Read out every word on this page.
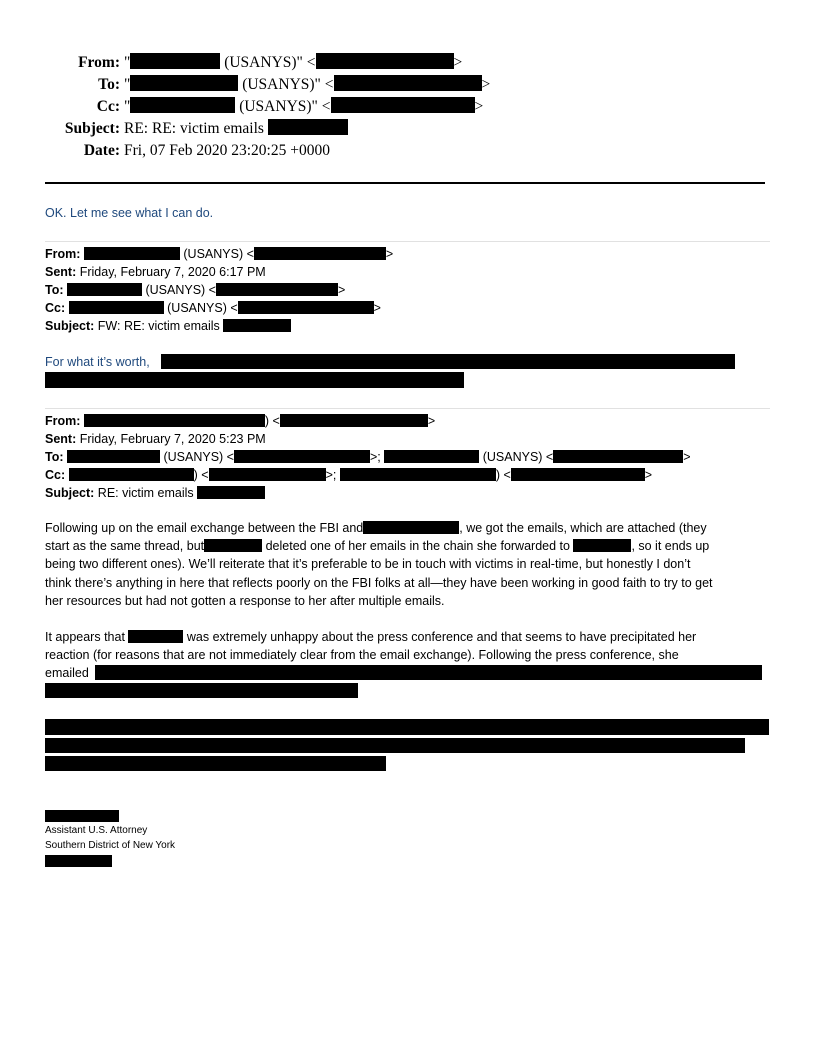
From: "	(USANYS)" <	>
To: "	(USANYS)" <	>
Cc: "	(USANYS)" <	>
Subject: RE: RE: victim emails
Date: Fri, 07 Feb 2020 23:20:25 +0000
OK. Let me see what I can do.
From:	(USANYS) <	>
Sent: Friday, February 7, 2020 6:17 PM
To:	(USANYS) <	>
Cc:	(USANYS) <	>
Subject: FW: RE: victim emails
For what it’s worth,
From:	) <	>
Sent: Friday, February 7, 2020 5:23 PM
To:	(USANYS) <	>;	(USANYS) <	>
Cc:	) <	>;	) <	>
Subject: RE: victim emails
Following up on the email exchange between the FBI and	, we got the emails, which are attached (they
start as the same thread, but	deleted one of her emails in the chain she forwarded to	, so it ends up
being two different ones). We’ll reiterate that it’s preferable to be in touch with victims in real-time, but honestly I don’t
think there’s anything in here that reflects poorly on the FBI folks at all—they have been working in good faith to try to get
her resources but had not gotten a response to her after multiple emails.
It appears that	was extremely unhappy about the press conference and that seems to have precipitated her
reaction (for reasons that are not immediately clear from the email exchange). Following the press conference, she
emailed
Assistant U.S. Attorney
Southern District of New York
